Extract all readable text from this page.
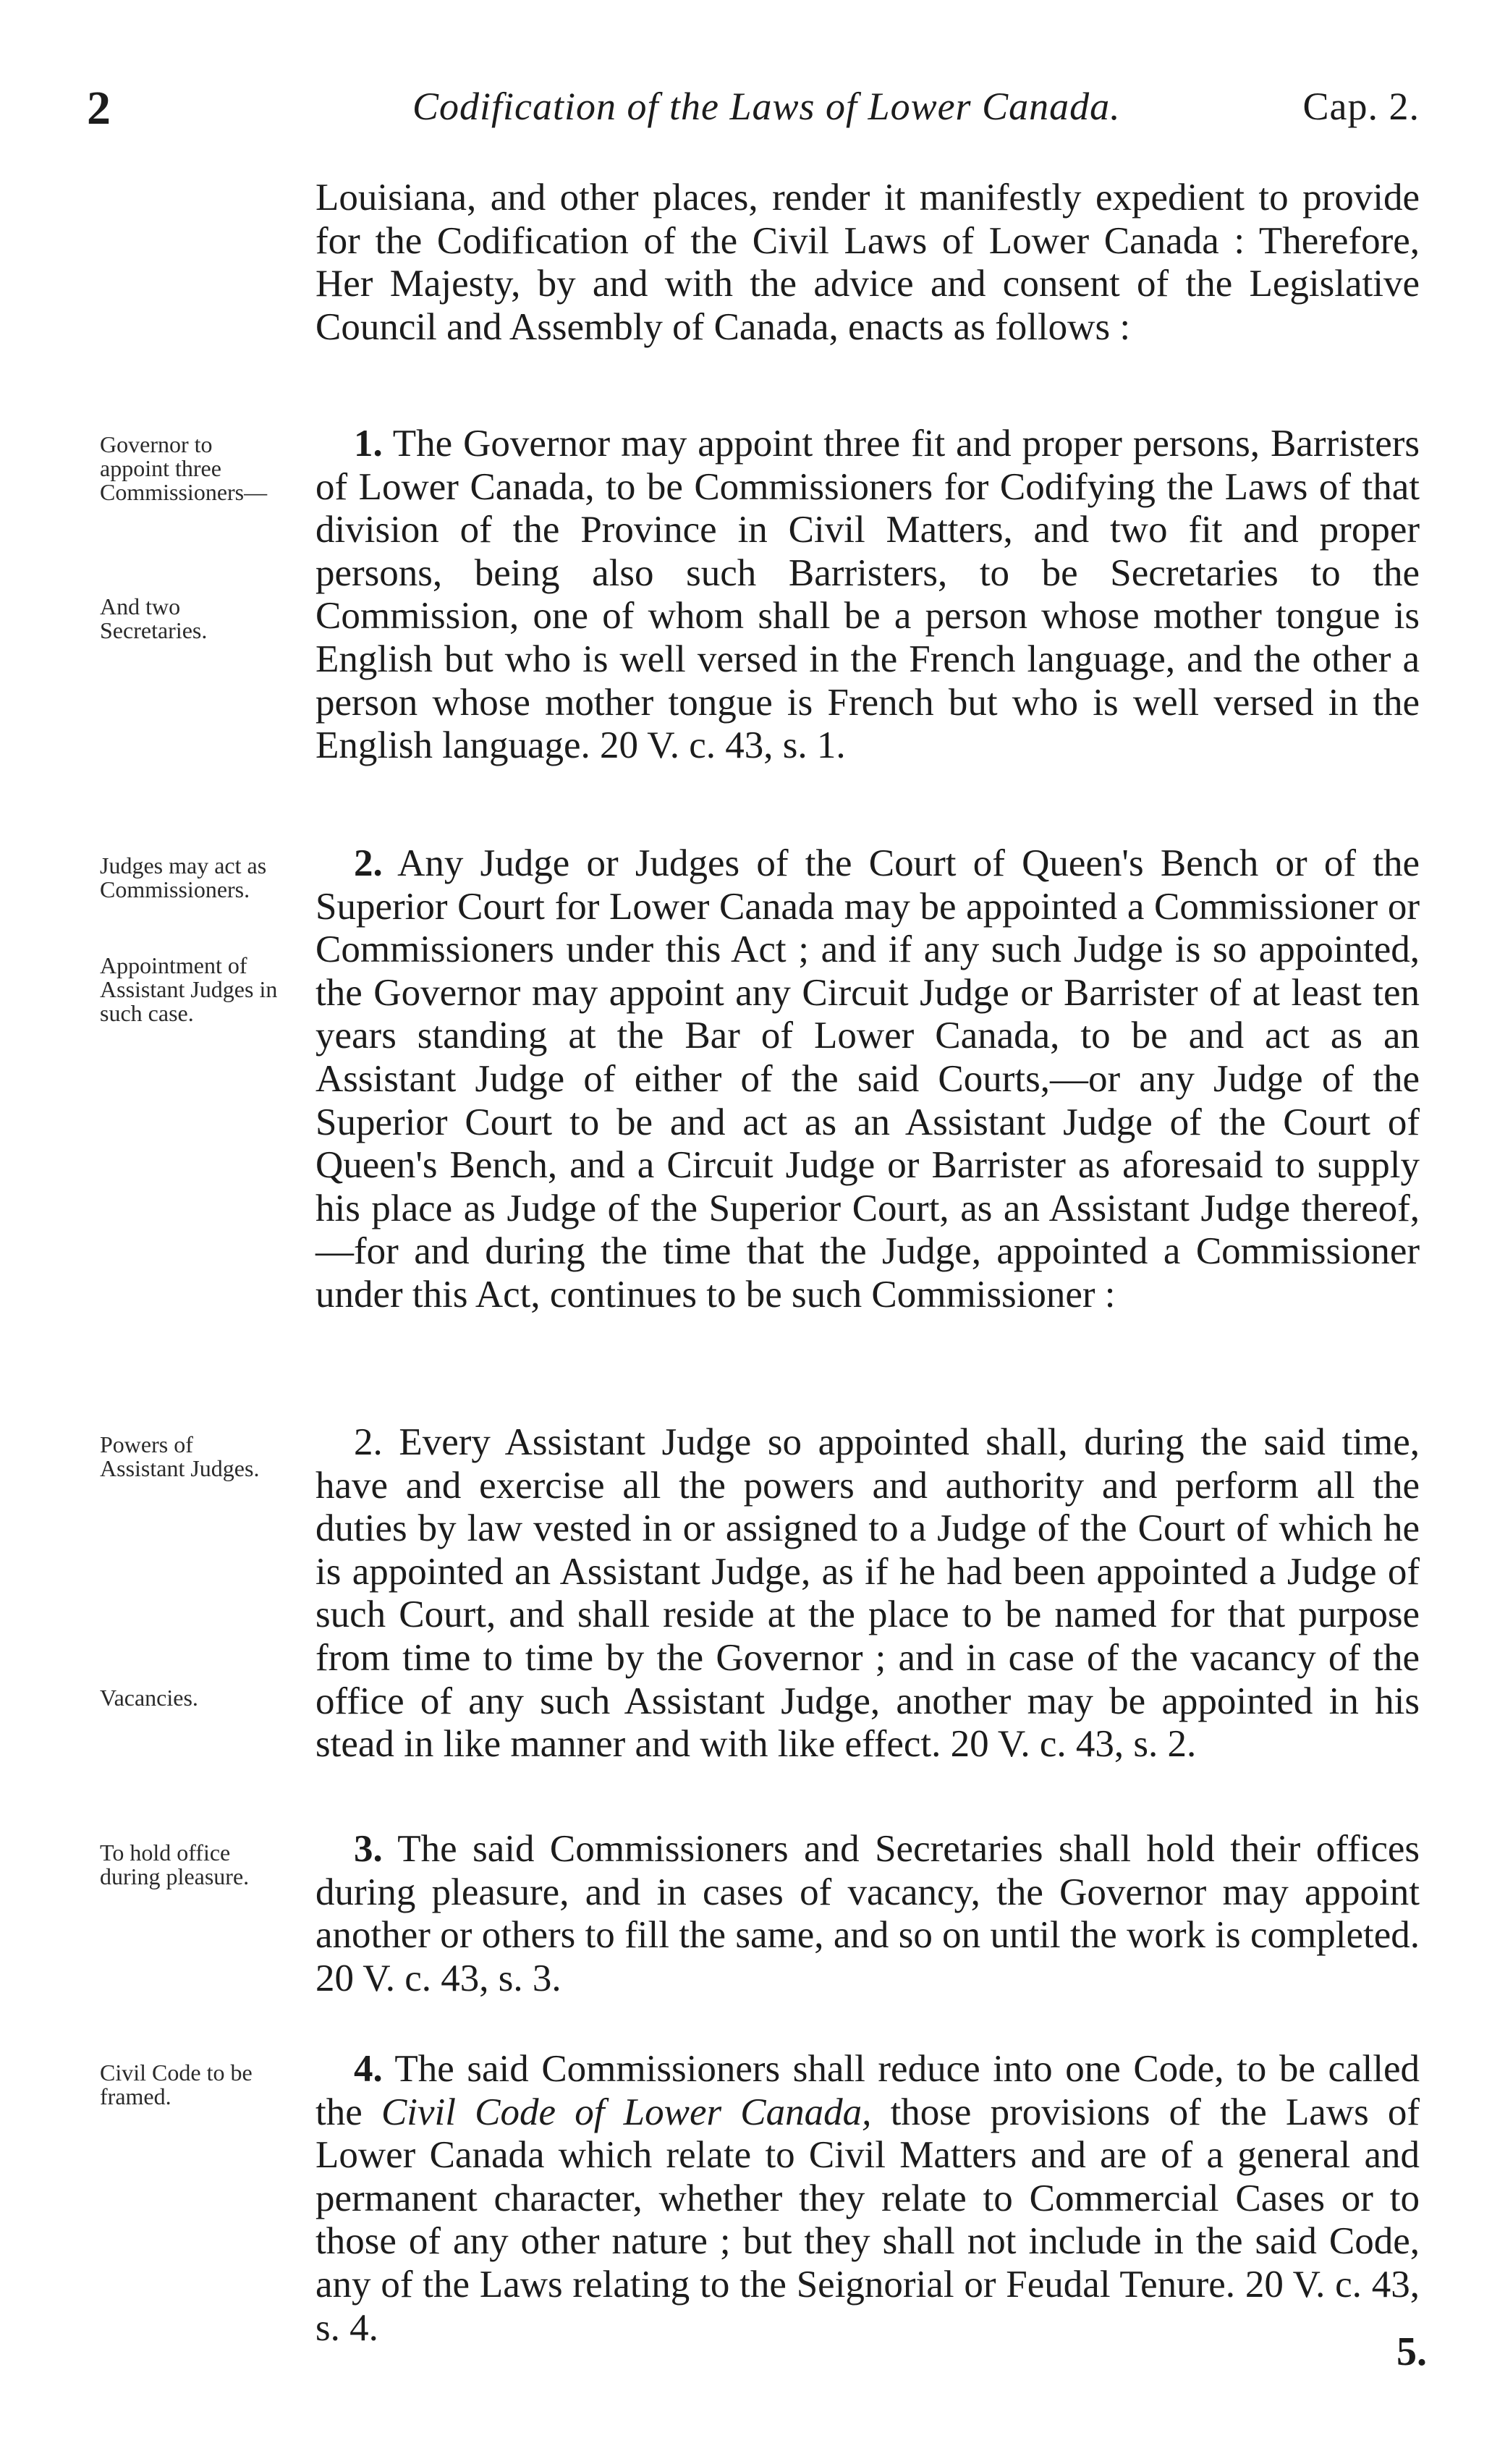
2	Codification of the Laws of Lower Canada.	Cap. 2.
Louisiana, and other places, render it manifestly expedient to provide for the Codification of the Civil Laws of Lower Canada : Therefore, Her Majesty, by and with the advice and consent of the Legislative Council and Assembly of Canada, enacts as follows :
Governor to appoint three Commissioners—
 1. The Governor may appoint three fit and proper persons, Barristers of Lower Canada, to be Commissioners for Codifying the Laws of that division of the Province in Civil Matters, and two fit and proper persons, being also such Barristers, to be Secretaries to the Commission, one of whom shall be a person whose mother tongue is English but who is well versed in the French language, and the other a person whose mother tongue is French but who is well versed in the English language. 20 V. c. 43, s. 1.
And two Secretaries.
Judges may act as Commissioners.
 2. Any Judge or Judges of the Court of Queen's Bench or of the Superior Court for Lower Canada may be appointed a Commissioner or Commissioners under this Act ; and if any such Judge is so appointed, the Governor may appoint any Circuit Judge or Barrister of at least ten years standing at the Bar of Lower Canada, to be and act as an Assistant Judge of either of the said Courts,—or any Judge of the Superior Court to be and act as an Assistant Judge of the Court of Queen's Bench, and a Circuit Judge or Barrister as aforesaid to supply his place as Judge of the Superior Court, as an Assistant Judge thereof,—for and during the time that the Judge, appointed a Commissioner under this Act, continues to be such Commissioner :
Appointment of Assistant Judges in such case.
Powers of Assistant Judges.
 2. Every Assistant Judge so appointed shall, during the said time, have and exercise all the powers and authority and perform all the duties by law vested in or assigned to a Judge of the Court of which he is appointed an Assistant Judge, as if he had been appointed a Judge of such Court, and shall reside at the place to be named for that purpose from time to time by the Governor ; and in case of the vacancy of the office of any such Assistant Judge, another may be appointed in his stead in like manner and with like effect. 20 V. c. 43, s. 2.
Vacancies.
To hold office during pleasure.
 3. The said Commissioners and Secretaries shall hold their offices during pleasure, and in cases of vacancy, the Governor may appoint another or others to fill the same, and so on until the work is completed. 20 V. c. 43, s. 3.
Civil Code to be framed.
 4. The said Commissioners shall reduce into one Code, to be called the Civil Code of Lower Canada, those provisions of the Laws of Lower Canada which relate to Civil Matters and are of a general and permanent character, whether they relate to Commercial Cases or to those of any other nature ; but they shall not include in the said Code, any of the Laws relating to the Seignorial or Feudal Tenure. 20 V. c. 43, s. 4.
5.
